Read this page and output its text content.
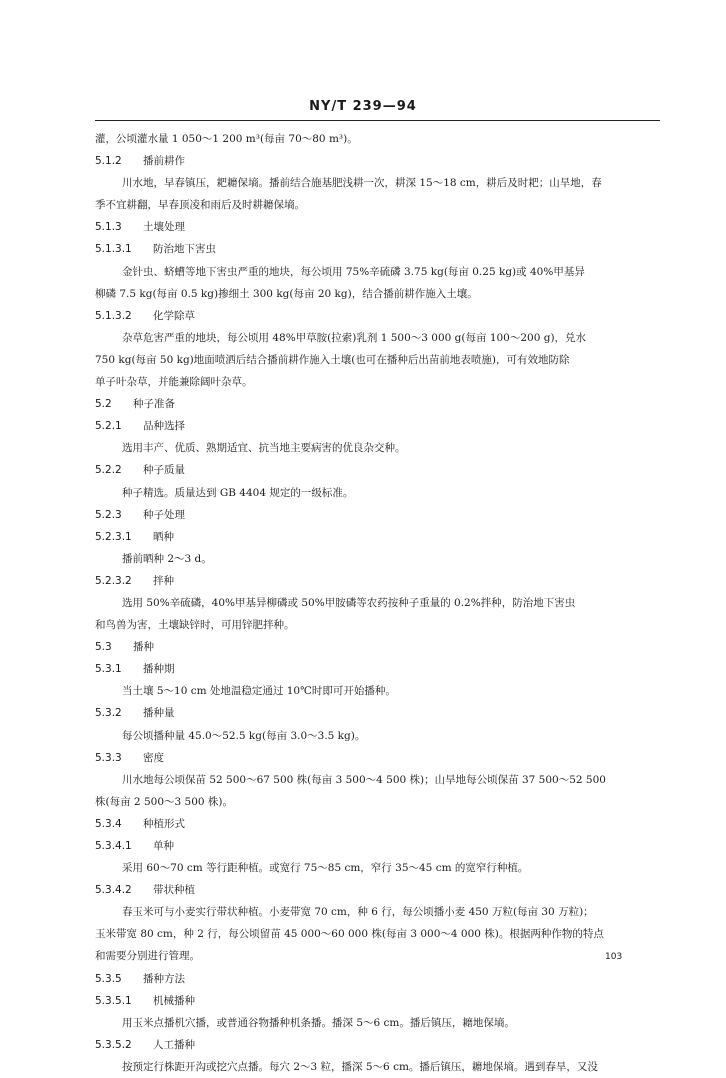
NY/T 239—94
灌，公顷灌水量 1 050～1 200 m³(每亩 70～80 m³)。
5.1.2 播前耕作
川水地，早春镇压，耙耱保墒。播前结合施基肥浅耕一次，耕深 15～18 cm，耕后及时耙；山旱地，春
季不宜耕翻，早春顶凌和雨后及时耕耱保墒。
5.1.3 土壤处理
5.1.3.1 防治地下害虫
金针虫、蛴螬等地下害虫严重的地块，每公顷用 75%辛硫磷 3.75 kg(每亩 0.25 kg)或 40%甲基异
柳磷 7.5 kg(每亩 0.5 kg)掺细土 300 kg(每亩 20 kg)，结合播前耕作施入土壤。
5.1.3.2 化学除草
杂草危害严重的地块，每公顷用 48%甲草胺(拉索)乳剂 1 500～3 000 g(每亩 100～200 g)，兑水
750 kg(每亩 50 kg)地面喷洒后结合播前耕作施入土壤(也可在播种后出苗前地表喷施)，可有效地防除
单子叶杂草，并能兼除阔叶杂草。
5.2 种子准备
5.2.1 品种选择
选用丰产、优质、熟期适宜、抗当地主要病害的优良杂交种。
5.2.2 种子质量
种子精选。质量达到 GB 4404 规定的一级标准。
5.2.3 种子处理
5.2.3.1 晒种
播前晒种 2～3 d。
5.2.3.2 拌种
选用 50%辛硫磷，40%甲基异柳磷或 50%甲胺磷等农药按种子重量的 0.2%拌种，防治地下害虫
和鸟兽为害，土壤缺锌时，可用锌肥拌种。
5.3 播种
5.3.1 播种期
当土壤 5～10 cm 处地温稳定通过 10℃时即可开始播种。
5.3.2 播种量
每公顷播种量 45.0～52.5 kg(每亩 3.0～3.5 kg)。
5.3.3 密度
川水地每公顷保苗 52 500～67 500 株(每亩 3 500～4 500 株)；山旱地每公顷保苗 37 500～52 500
株(每亩 2 500～3 500 株)。
5.3.4 种植形式
5.3.4.1 单种
采用 60～70 cm 等行距种植。或宽行 75～85 cm，窄行 35～45 cm 的宽窄行种植。
5.3.4.2 带状种植
春玉米可与小麦实行带状种植。小麦带宽 70 cm，种 6 行，每公顷播小麦 450 万粒(每亩 30 万粒)；
玉米带宽 80 cm，种 2 行，每公顷留苗 45 000～60 000 株(每亩 3 000～4 000 株)。根据两种作物的特点
和需要分别进行管理。
5.3.5 播种方法
5.3.5.1 机械播种
用玉米点播机穴播，或普通谷物播种机条播。播深 5～6 cm。播后镇压，耱地保墒。
5.3.5.2 人工播种
按预定行株距开沟或挖穴点播。每穴 2～3 粒，播深 5～6 cm。播后镇压，耱地保墒。遇到春旱，又没
103
